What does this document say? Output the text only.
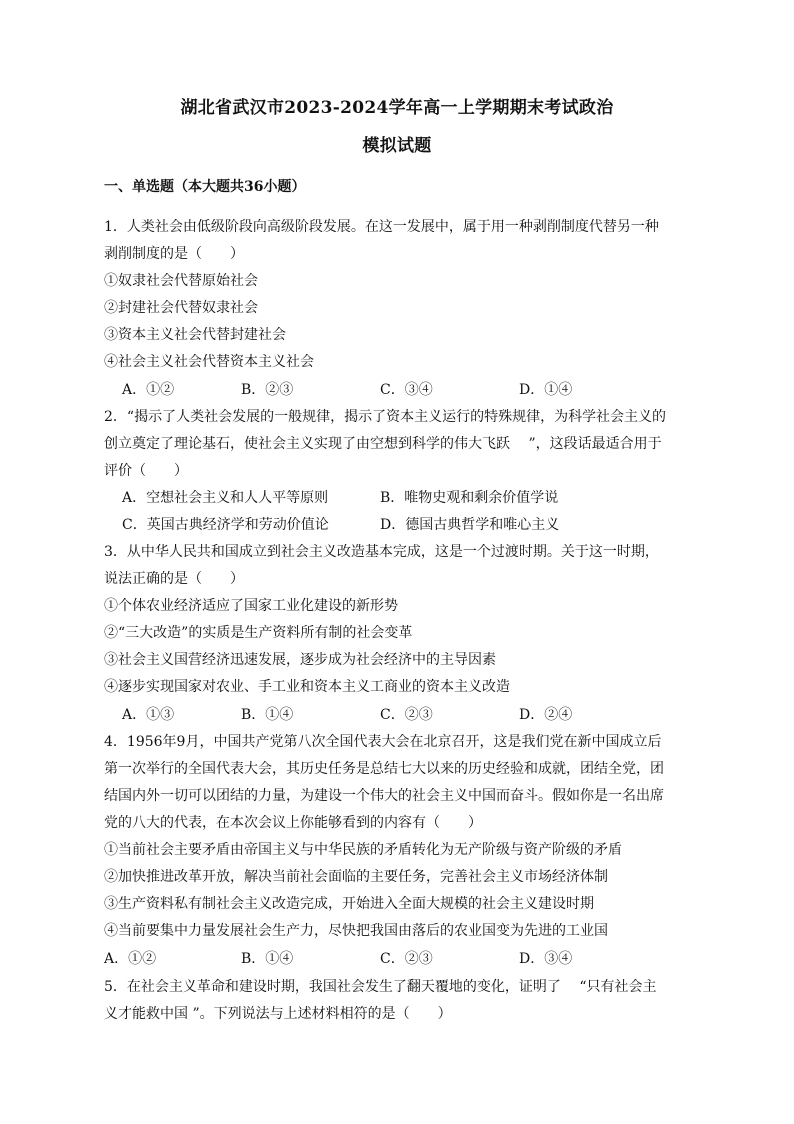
湖北省武汉市2023-2024学年高一上学期期末考试政治
模拟试题
一、单选题（本大题共36小题）
1．人类社会由低级阶段向高级阶段发展。在这一发展中，属于用一种剥削制度代替另一种
剥削制度的是（　　）
①奴隶社会代替原始社会
②封建社会代替奴隶社会
③资本主义社会代替封建社会
④社会主义社会代替资本主义社会
A．①②	B．②③	C．③④	D．①④
2．“揭示了人类社会发展的一般规律，揭示了资本主义运行的特殊规律，为科学社会主义的
创立奠定了理论基石，使社会主义实现了由空想到科学的伟大飞跃　 ”，这段话最适合用于
评价（　　）
A．空想社会主义和人人平等原则	B．唯物史观和剩余价值学说
C．英国古典经济学和劳动价值论	D．德国古典哲学和唯心主义
3．从中华人民共和国成立到社会主义改造基本完成，这是一个过渡时期。关于这一时期，
说法正确的是（　　）
①个体农业经济适应了国家工业化建设的新形势
②“三大改造”的实质是生产资料所有制的社会变革
③社会主义国营经济迅速发展，逐步成为社会经济中的主导因素
④逐步实现国家对农业、手工业和资本主义工商业的资本主义改造
A．①③	B．①④	C．②③	D．②④
4．1956年9月，中国共产党第八次全国代表大会在北京召开，这是我们党在新中国成立后
第一次举行的全国代表大会，其历史任务是总结七大以来的历史经验和成就，团结全党，团
结国内外一切可以团结的力量，为建设一个伟大的社会主义中国而奋斗。假如你是一名出席
党的八大的代表，在本次会议上你能够看到的内容有（　　）
①当前社会主要矛盾由帝国主义与中华民族的矛盾转化为无产阶级与资产阶级的矛盾
②加快推进改革开放，解决当前社会面临的主要任务，完善社会主义市场经济体制
③生产资料私有制社会主义改造完成，开始进入全面大规模的社会主义建设时期
④当前要集中力量发展社会生产力，尽快把我国由落后的农业国变为先进的工业国
A．①②	B．①④	C．②③	D．③④
5．在社会主义革命和建设时期，我国社会发生了翻天覆地的变化，证明了　 “只有社会主
义才能救中国 ”。下列说法与上述材料相符的是（　　）
